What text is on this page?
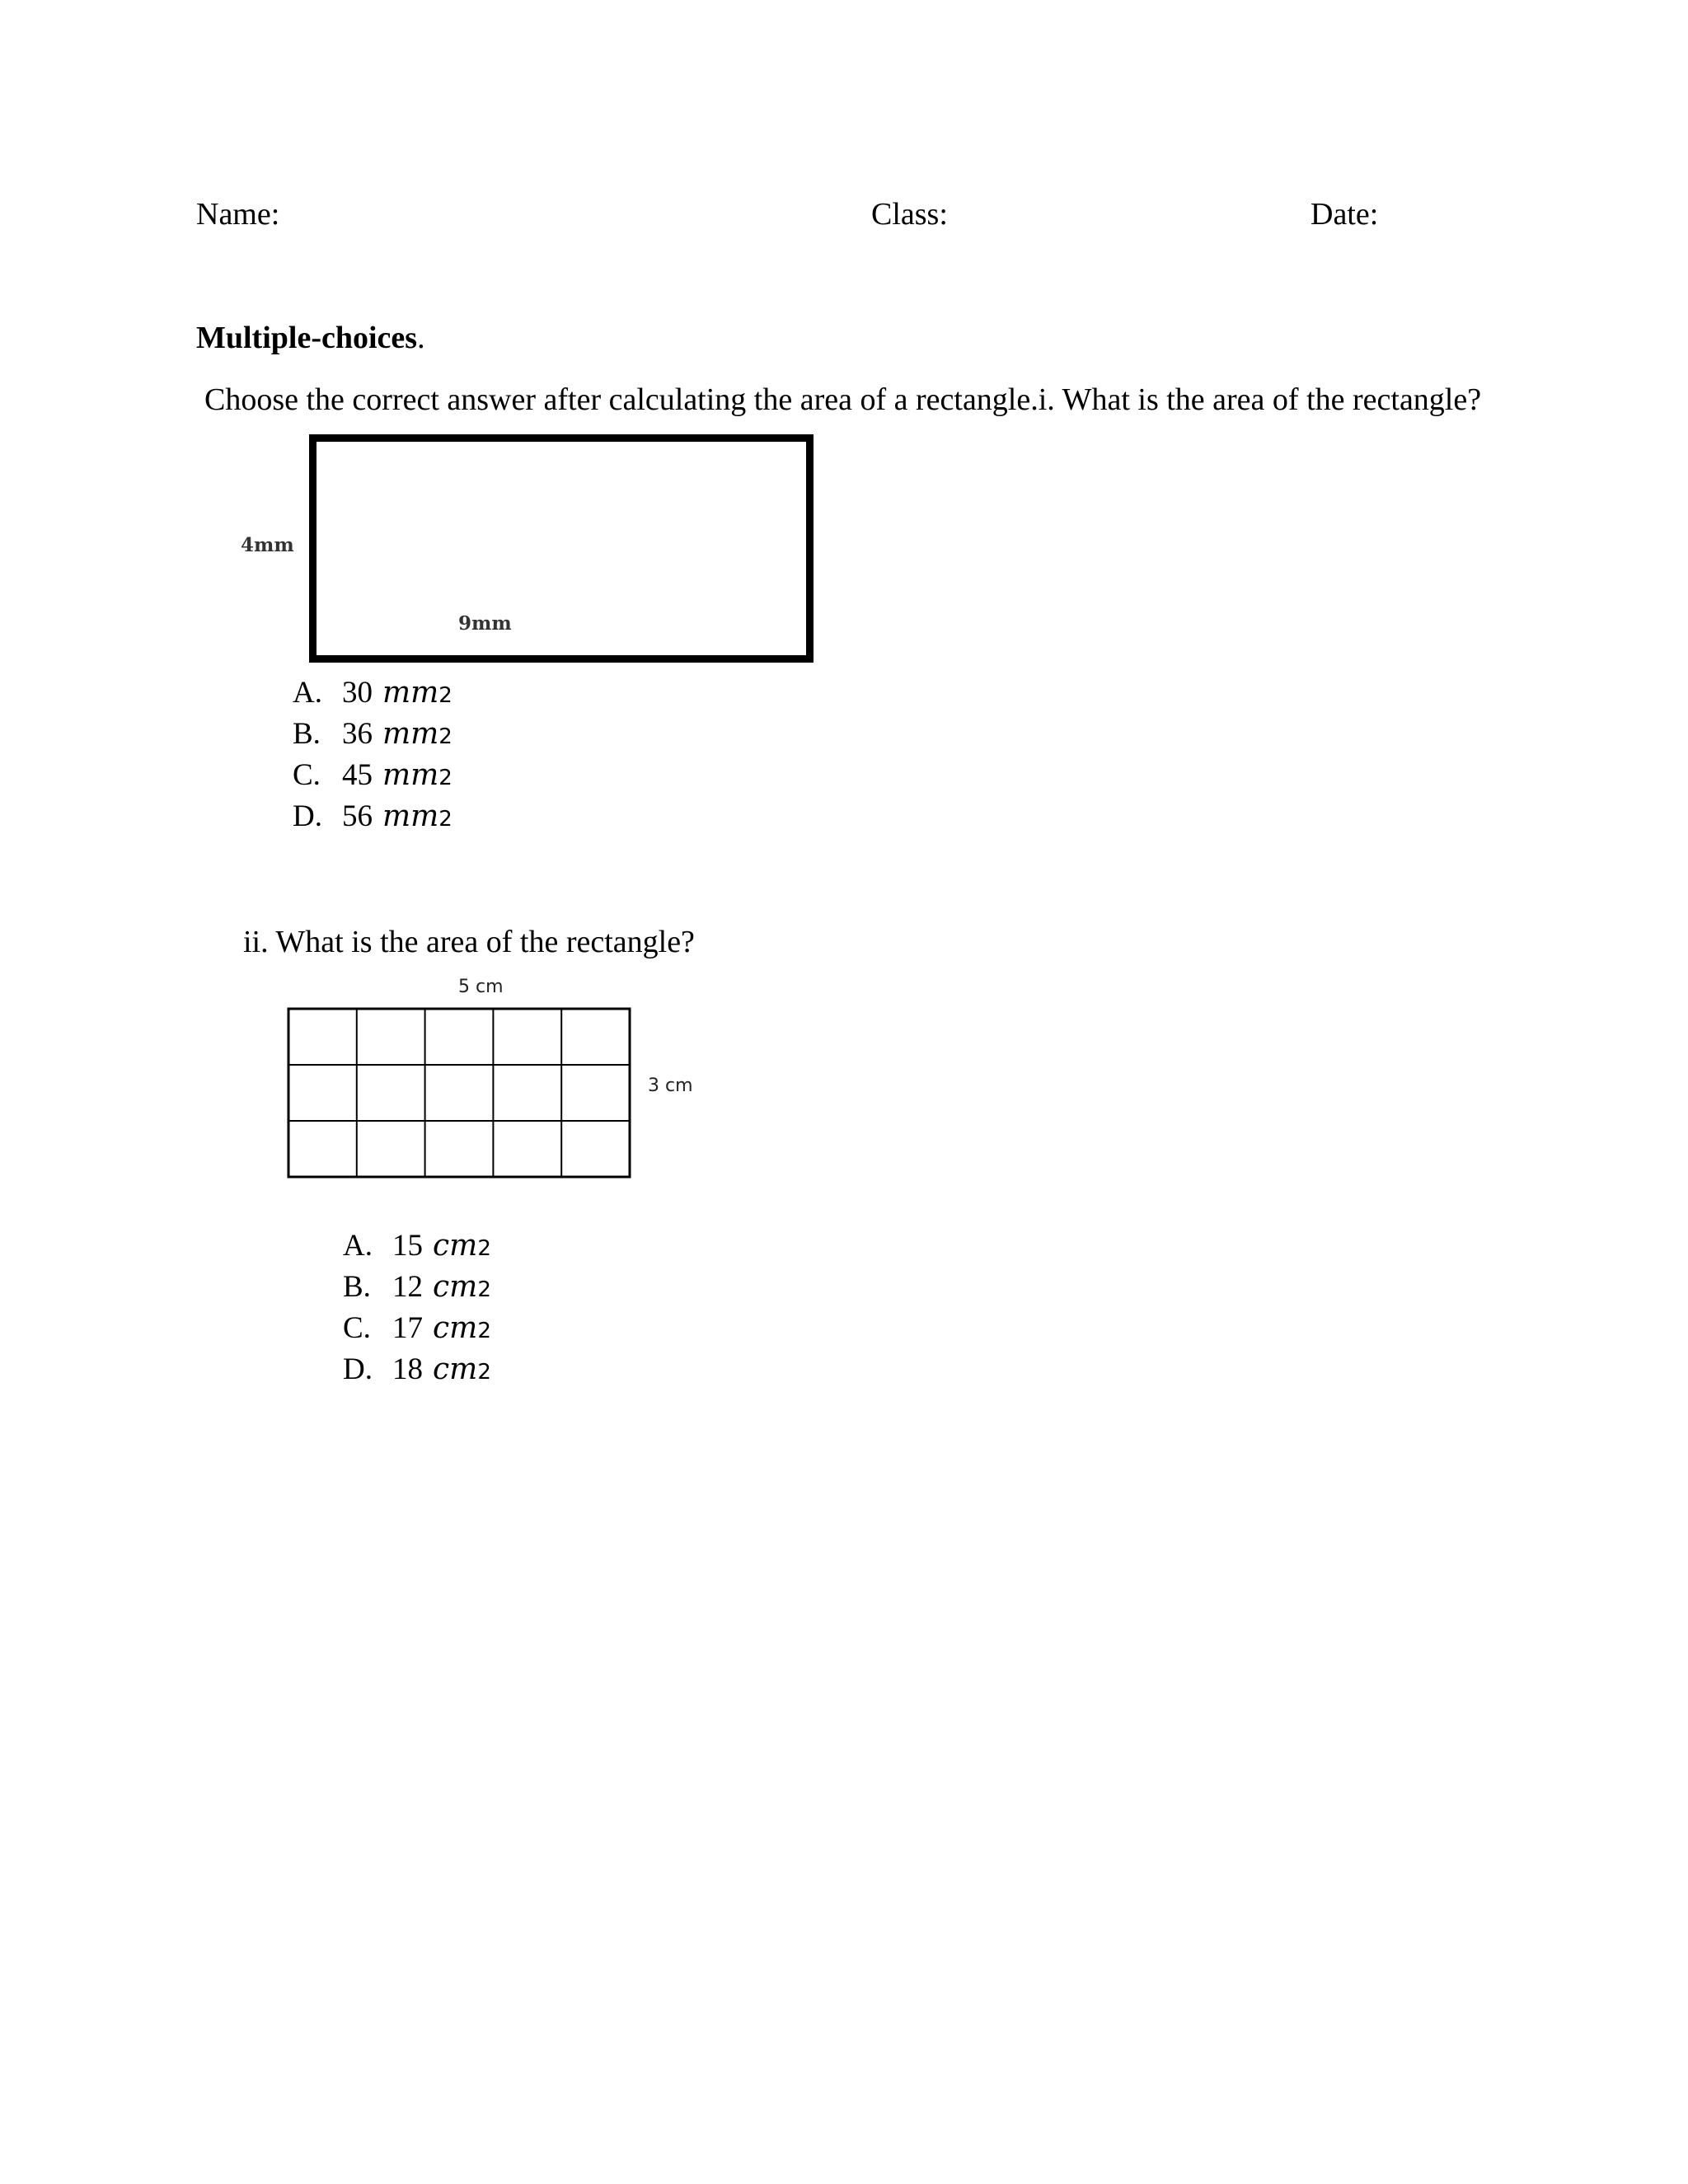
Name:	Class:	Date:
Multiple-choices.
Choose the correct answer after calculating the area of a rectangle.i. What is the area of the rectangle?
4mm
9mm
A. 30 mm 2
B. 36 mm 2
C. 45 mm 2
D. 56 mm 2
ii. What is the area of the rectangle?
5 cm
3 cm
A. 15 cm 2
B. 12 cm 2
C. 17 cm 2
D. 18 cm 2
